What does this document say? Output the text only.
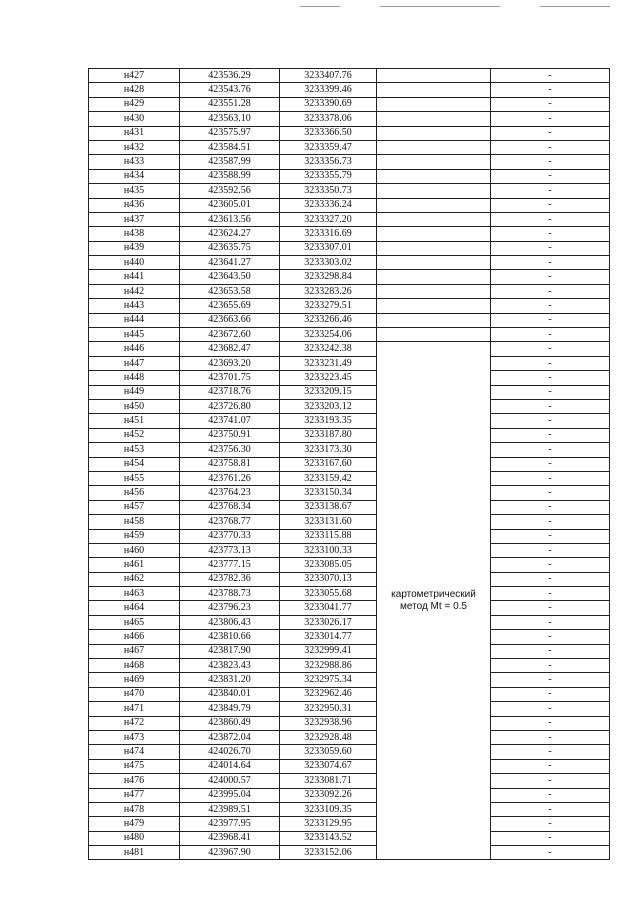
н427	423536.29	3233407.76		-
н428	423543.76	3233399.46		-
н429	423551.28	3233390.69		-
н430	423563.10	3233378.06		-
н431	423575.97	3233366.50		-
н432	423584.51	3233359.47		-
н433	423587.99	3233356.73		-
н434	423588.99	3233355.79		-
н435	423592.56	3233350.73		-
н436	423605.01	3233336.24		-
н437	423613.56	3233327.20		-
н438	423624.27	3233316.69		-
н439	423635.75	3233307.01		-
н440	423641.27	3233303.02		-
н441	423643.50	3233298.84		-
н442	423653.58	3233283.26		-
н443	423655.69	3233279.51		-
н444	423663.66	3233266.46		-
н445	423672.60	3233254.06		-
н446	423682.47	3233242.38	картометрический
метод Mt = 0.5	-
н447	423693.20	3233231.49		-
н448	423701.75	3233223.45		-
н449	423718.76	3233209.15		-
н450	423726.80	3233203.12		-
н451	423741.07	3233193.35		-
н452	423750.91	3233187.80		-
н453	423756.30	3233173.30		-
н454	423758.81	3233167.60		-
н455	423761.26	3233159.42		-
н456	423764.23	3233150.34		-
н457	423768.34	3233138.67		-
н458	423768.77	3233131.60		-
н459	423770.33	3233115.88		-
н460	423773.13	3233100.33		-
н461	423777.15	3233085.05		-
н462	423782.36	3233070.13		-
н463	423788.73	3233055.68		-
н464	423796.23	3233041.77		-
н465	423806.43	3233026.17		-
н466	423810.66	3233014.77		-
н467	423817.90	3232999.41		-
н468	423823.43	3232988.86		-
н469	423831.20	3232975.34		-
н470	423840.01	3232962.46		-
н471	423849.79	3232950.31		-
н472	423860.49	3232938.96		-
н473	423872.04	3232928.48		-
н474	424026.70	3233059.60		-
н475	424014.64	3233074.67		-
н476	424000.57	3233081.71		-
н477	423995.04	3233092.26		-
н478	423989.51	3233109.35		-
н479	423977.95	3233129.95		-
н480	423968.41	3233143.52		-
н481	423967.90	3233152.06		-
